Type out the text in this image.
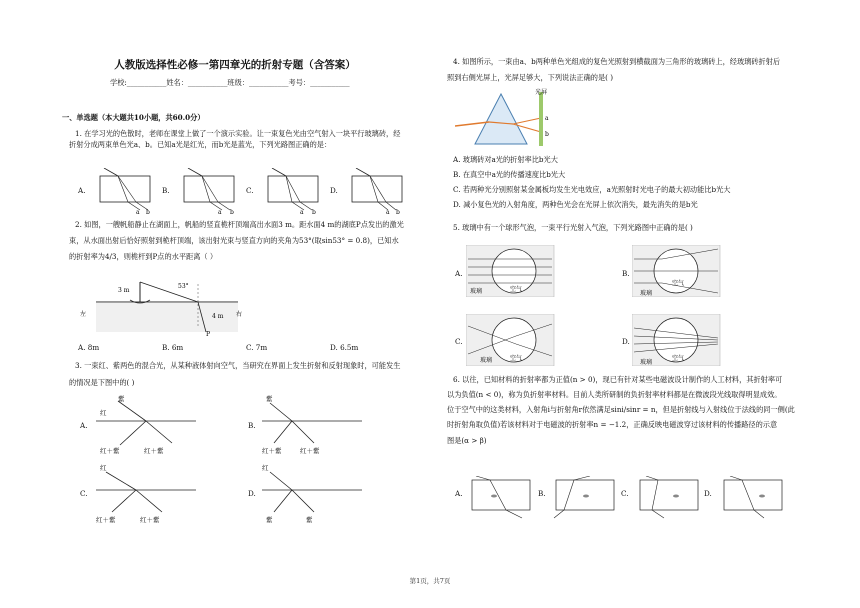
人教版选择性必修一第四章光的折射专题（含答案）
学校:___________姓名：___________班级：___________考号：___________
一、单选题（本大题共10小题，共60.0分）
1. 在学习光的色散时，老师在课堂上做了一个演示实验。让一束复色光由空气射入一块平行玻璃砖，经
折射分成两束单色光a、b。已知a光是红光，而b光是蓝光，下列光路图正确的是：
A.	B.	C.	D.
a b	a b	a b	a b
2. 如图，一艘帆船静止在湖面上，帆船的竖直桅杆顶端高出水面3 m。距水面4 m的湖底P点发出的激光
束，从水面出射后恰好照射到桅杆顶端，该出射光束与竖直方向的夹角为53°(取sin53° = 0.8)，已知水
的折射率为4/3，则桅杆到P点的水平距离（ ）
3 m
53°
4 m
左	右
P
A. 8m	B. 6m	C. 7m	D. 6.5m
3. 一束红、紫两色的混合光，从某种液体射向空气，当研究在界面上发生折射和反射现象时，可能发生
的情况是下图中的( )
A.	B.
C.	D.
紫
红
红＋紫	红＋紫
紫
红＋紫	红＋紫
红
红＋紫	红＋紫
红
紫	紫
4. 如图所示，一束由a、b两种单色光组成的复色光照射到横截面为三角形的玻璃砖上，经玻璃砖折射后
照到右侧光屏上，光屏足够大，下列说法正确的是( )
光屏
a
b
A. 玻璃砖对a光的折射率比b光大
B. 在真空中a光的传播速度比b光大
C. 若两种光分别照射某金属板均发生光电效应，a光照射时光电子的最大初动能比b光大
D. 减小复色光的入射角度，两种色光会在光屏上依次消失，最先消失的是b光
5. 玻璃中有一个球形气泡，一束平行光射入气泡，下列光路图中正确的是( )
A.	B.
C.	D.
玻璃	空气
玻璃
空气
玻璃	空气
玻璃
空气
6. 以往，已知材料的折射率都为正值(n > 0)，现已有针对某些电磁波设计制作的人工材料，其折射率可
以为负值(n < 0)，称为负折射率材料。目前人类所研制的负折射率材料都是在微波段光线取得明显成效。
位于空气中的这类材料，入射角i与折射角r依然满足sini/sinr = n，但是折射线与入射线位于法线的同一侧(此
时折射角取负值)若该材料对于电磁波的折射率n = −1.2，正确反映电磁波穿过该材料的传播路径的示意
图是(α > β)
A.	B.	C.	D.
第1页，共7页
